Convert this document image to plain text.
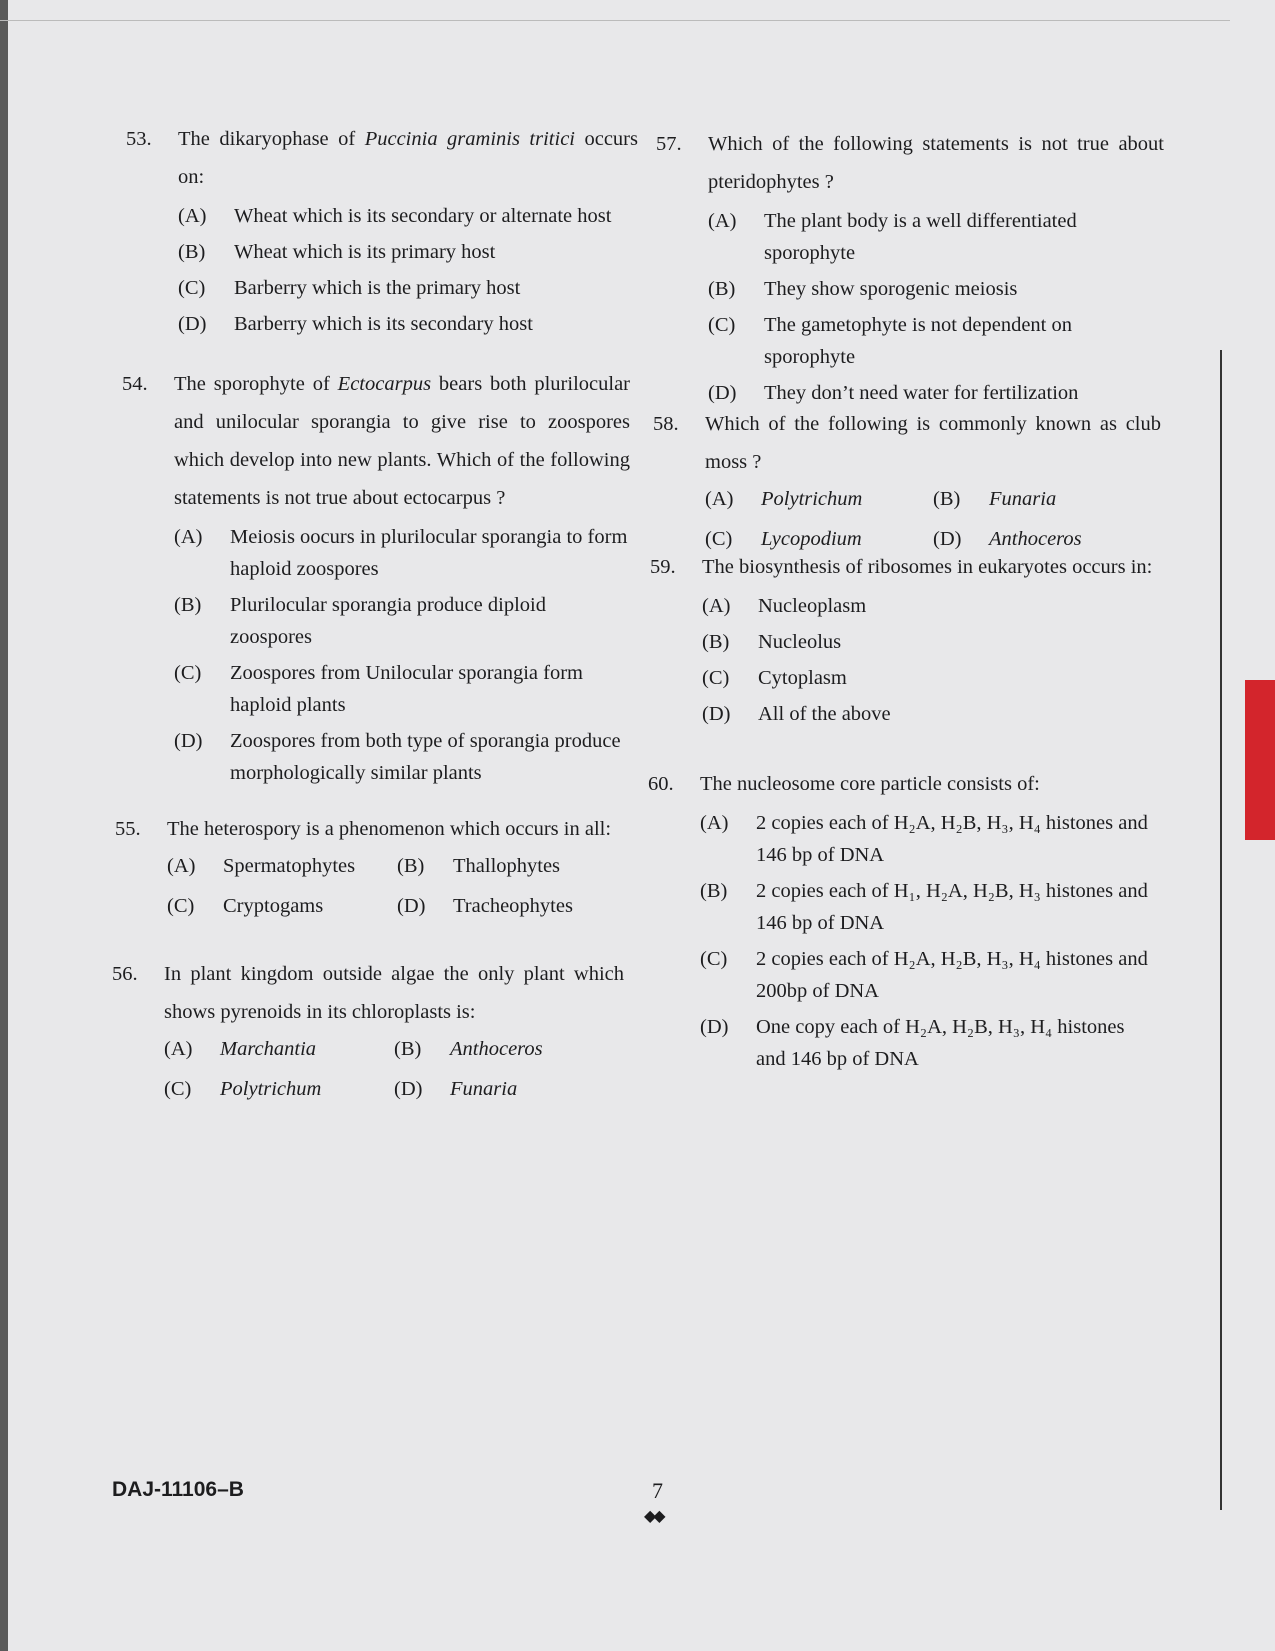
53. The dikaryophase of Puccinia graminis tritici occurs on:
(A) Wheat which is its secondary or alternate host
(B) Wheat which is its primary host
(C) Barberry which is the primary host
(D) Barberry which is its secondary host
54. The sporophyte of Ectocarpus bears both plurilocular and unilocular sporangia to give rise to zoospores which develop into new plants. Which of the following statements is not true about ectocarpus ?
(A) Meiosis oocurs in plurilocular sporangia to form haploid zoospores
(B) Plurilocular sporangia produce diploid zoospores
(C) Zoospores from Unilocular sporangia form haploid plants
(D) Zoospores from both type of sporangia produce morphologically similar plants
55. The heterospory is a phenomenon which occurs in all:
(A) Spermatophytes	(B) Thallophytes
(C) Cryptogams	(D) Tracheophytes
56. In plant kingdom outside algae the only plant which shows pyrenoids in its chloroplasts is:
(A) Marchantia	(B) Anthoceros
(C) Polytrichum	(D) Funaria
57. Which of the following statements is not true about pteridophytes ?
(A) The plant body is a well differentiated sporophyte
(B) They show sporogenic meiosis
(C) The gametophyte is not dependent on sporophyte
(D) They don’t need water for fertilization
58. Which of the following is commonly known as club moss ?
(A) Polytrichum	(B) Funaria
(C) Lycopodium	(D) Anthoceros
59. The biosynthesis of ribosomes in eukaryotes occurs in:
(A) Nucleoplasm
(B) Nucleolus
(C) Cytoplasm
(D) All of the above
60. The nucleosome core particle consists of:
(A) 2 copies each of H₂A, H₂B, H₃, H₄ histones and 146 bp of DNA
(B) 2 copies each of H₁, H₂A, H₂B, H₃ histones and 146 bp of DNA
(C) 2 copies each of H₂A, H₂B, H₃, H₄ histones and 200bp of DNA
(D) One copy each of H₂A, H₂B, H₃, H₄ histones and 146 bp of DNA
DAJ-11106–B	7
◆◆
